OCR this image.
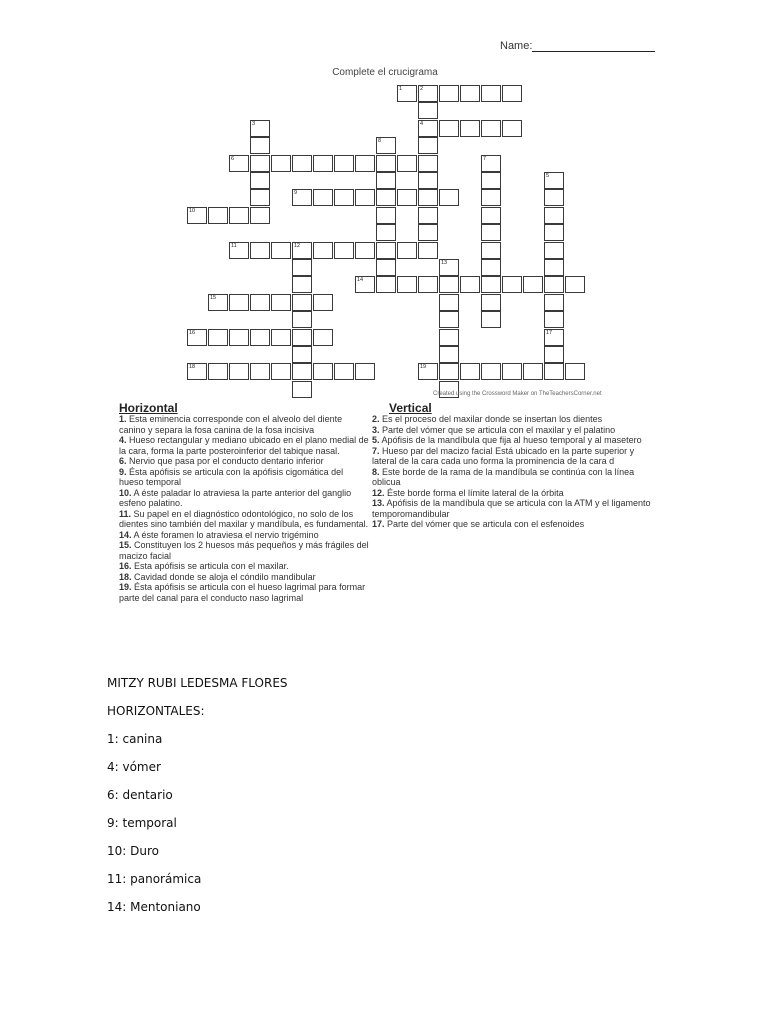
Name:
Complete el crucigrama
1	2
4
6
9
10
11	12
14
15
16
18	19
3
5
7
8
13
17
Created using the Crossword Maker on TheTeachersCorner.net
Horizontal	Vertical
1. Esta eminencia corresponde con el alveolo del diente canino y separa la fosa canina de la fosa incisiva
4. Hueso rectangular y mediano ubicado en el plano medial de la cara, forma la parte posteroinferior del tabique nasal.
6. Nervio que pasa por el conducto dentario inferior
9. Ésta apófisis se articula con la apófisis cigomática del hueso temporal
10. A éste paladar lo atraviesa la parte anterior del ganglio esfeno palatino.
11. Su papel en el diagnóstico odontológico, no solo de los dientes sino también del maxilar y mandíbula, es fundamental.
14. A éste foramen lo atraviesa el nervio trigémino
15. Constituyen los 2 huesos más pequeños y más frágiles del macizo facial
16. Esta apófisis se articula con el maxilar.
18. Cavidad donde se aloja el cóndilo mandibular
19. Ésta apófisis se articula con el hueso lagrimal para formar parte del canal para el conducto naso lagrimal
2. Es el proceso del maxilar donde se insertan los dientes
3. Parte del vómer que se articula con el maxilar y el palatino
5. Apófisis de la mandíbula que fija al hueso temporal y al masetero
7. Hueso par del macizo facial Está ubicado en la parte superior y lateral de la cara cada uno forma la prominencia de la cara d
8. Este borde de la rama de la mandíbula se continúa con la línea oblicua
12. Éste borde forma el límite lateral de la órbita
13. Apófisis de la mandíbula que se articula con la ATM y el ligamento temporomandibular
17. Parte del vómer que se articula con el esfenoides
MITZY RUBI LEDESMA FLORES
HORIZONTALES:
1: canina
4: vómer
6: dentario
9: temporal
10: Duro
11: panorámica
14: Mentoniano
